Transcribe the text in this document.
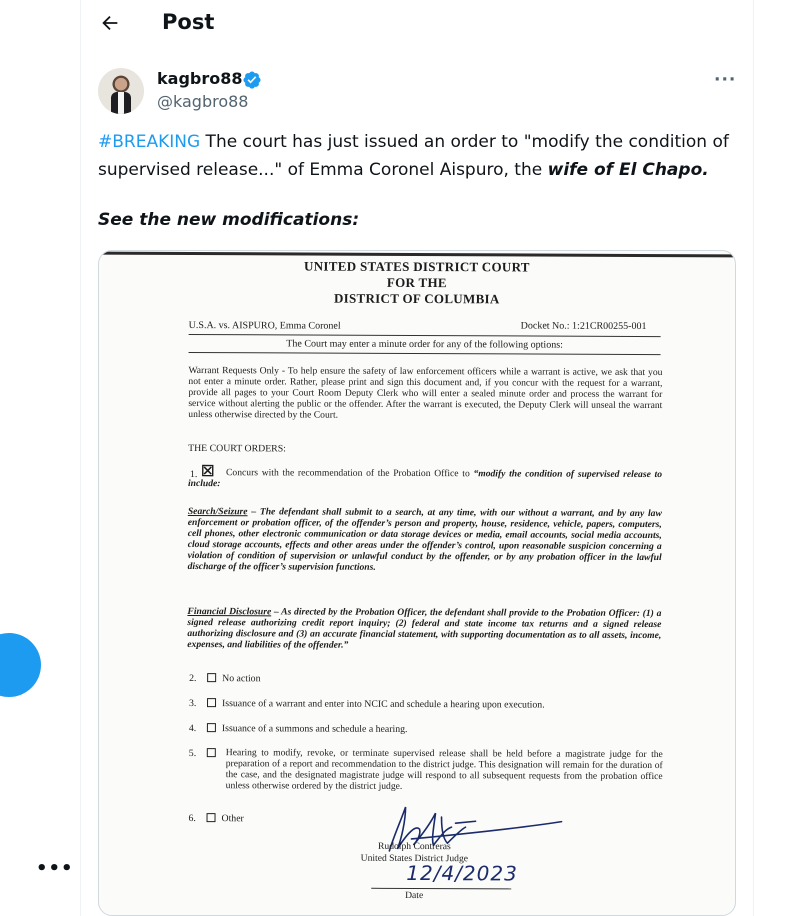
•••
Post
kagbro88
@kagbro88
···
#BREAKING The court has just issued an order to "modify the condition of supervised release..." of Emma Coronel Aispuro, the wife of El Chapo.
See the new modifications:
UNITED STATES DISTRICT COURT
FOR THE
DISTRICT OF COLUMBIA
U.S.A. vs. AISPURO, Emma Coronel	Docket No.: 1:21CR00255-001
The Court may enter a minute order for any of the following options:
Warrant Requests Only - To help ensure the safety of law enforcement officers while a warrant is active, we ask that you not enter a minute order. Rather, please print and sign this document and, if you concur with the request for a warrant, provide all pages to your Court Room Deputy Clerk who will enter a sealed minute order and process the warrant for service without alerting the public or the offender. After the warrant is executed, the Deputy Clerk will unseal the warrant unless otherwise directed by the Court.
THE COURT ORDERS:
1. ☒	Concurs with the recommendation of the Probation Office to “modify the condition of supervised release to include:
Search/Seizure – The defendant shall submit to a search, at any time, with our without a warrant, and by any law enforcement or probation officer, of the offender’s person and property, house, residence, vehicle, papers, computers, cell phones, other electronic communication or data storage devices or media, email accounts, social media accounts, cloud storage accounts, effects and other areas under the offender’s control, upon reasonable suspicion concerning a violation of condition of supervision or unlawful conduct by the offender, or by any probation officer in the lawful discharge of the officer’s supervision functions.
Financial Disclosure – As directed by the Probation Officer, the defendant shall provide to the Probation Officer: (1) a signed release authorizing credit report inquiry; (2) federal and state income tax returns and a signed release authorizing disclosure and (3) an accurate financial statement, with supporting documentation as to all assets, income, expenses, and liabilities of the offender.”
2.	No action
3.	Issuance of a warrant and enter into NCIC and schedule a hearing upon execution.
4.	Issuance of a summons and schedule a hearing.
5.	Hearing to modify, revoke, or terminate supervised release shall be held before a magistrate judge for the preparation of a report and recommendation to the district judge. This designation will remain for the duration of the case, and the designated magistrate judge will respond to all subsequent requests from the probation office unless otherwise ordered by the district judge.
6.	Other
Rudolph Contreras
United States District Judge
12/4/2023
Date
